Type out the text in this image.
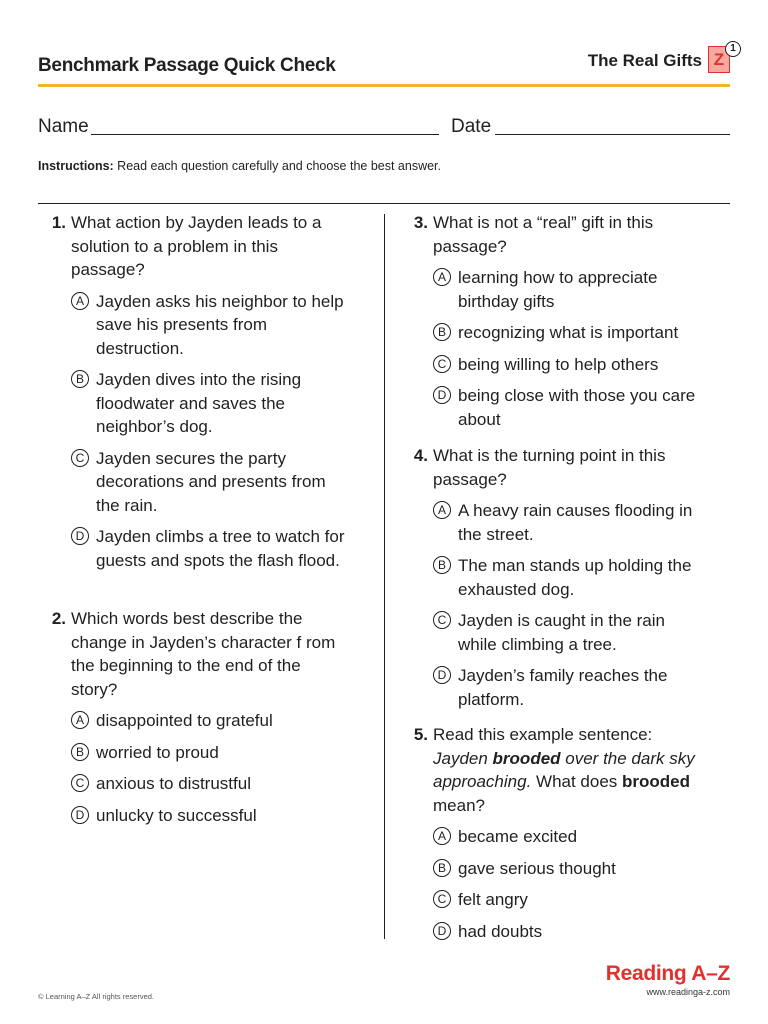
Benchmark Passage Quick Check	The Real Gifts Z
1
Name	Date
Instructions: Read each question carefully and choose the best answer.
1. What action by Jayden leads to a solution to a problem in this passage?
A Jayden asks his neighbor to help save his presents from destruction.
B Jayden dives into the rising floodwater and saves the neighbor’s dog.
C Jayden secures the party decorations and presents from the rain.
D Jayden climbs a tree to watch for guests and spots the flash flood.
2. Which words best describe the change in Jayden’s character f rom the beginning to the end of the story?
A disappointed to grateful
B worried to proud
C anxious to distrustful
D unlucky to successful
3. What is not a “real” gift in this passage?
A learning how to appreciate birthday gifts
B recognizing what is important
C being willing to help others
D being close with those you care about
4. What is the turning point in this passage?
A A heavy rain causes flooding in the street.
B The man stands up holding the exhausted dog.
C Jayden is caught in the rain while climbing a tree.
D Jayden’s family reaches the platform.
5. Read this example sentence: Jayden brooded over the dark sky approaching. What does brooded mean?
A became excited
B gave serious thought
C felt angry
D had doubts
© Learning A–Z All rights reserved.
Reading A–Z
www.readinga-z.com
